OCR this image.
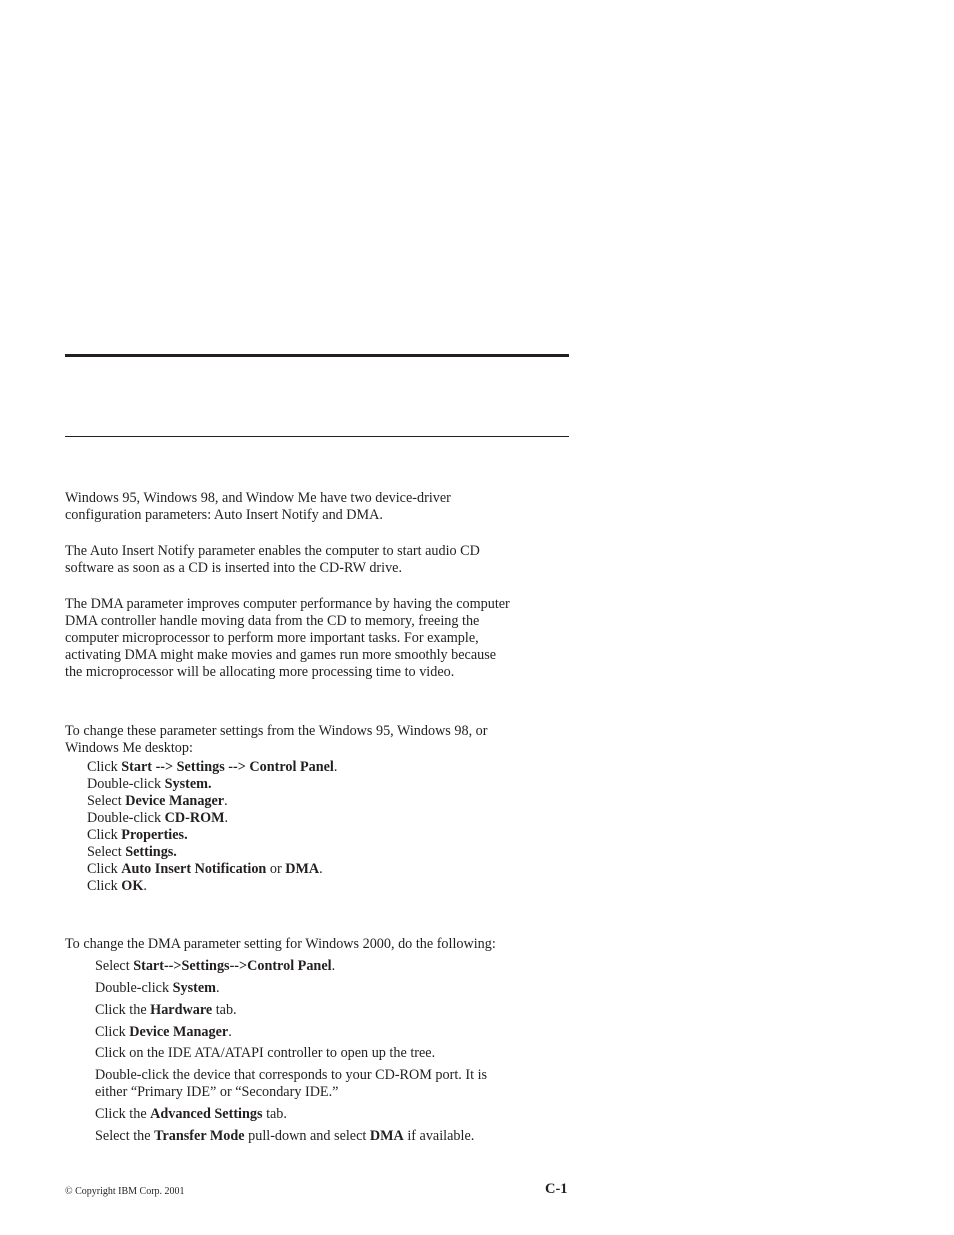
Windows 95, Windows 98, and Window Me have two device-driver
configuration parameters: Auto Insert Notify and DMA.

The Auto Insert Notify parameter enables the computer to start audio CD
software as soon as a CD is inserted into the CD-RW drive.

The DMA parameter improves computer performance by having the computer
DMA controller handle moving data from the CD to memory, freeing the
computer microprocessor to perform more important tasks. For example,
activating DMA might make movies and games run more smoothly because
the microprocessor will be allocating more processing time to video.

To change these parameter settings from the Windows 95, Windows 98, or
Windows Me desktop:

Click Start --> Settings --> Control Panel.
Double-click System.
Select Device Manager.
Double-click CD-ROM.
Click Properties.
Select Settings.
Click Auto Insert Notification or DMA.
Click OK.

To change the DMA parameter setting for Windows 2000, do the following:

Select Start-->Settings-->Control Panel.
Double-click System.
Click the Hardware tab.
Click Device Manager.
Click on the IDE ATA/ATAPI controller to open up the tree.
Double-click the device that corresponds to your CD-ROM port. It is
either “Primary IDE” or “Secondary IDE.”
Click the Advanced Settings tab.
Select the Transfer Mode pull-down and select DMA if available.
© Copyright IBM Corp. 2001	C-1
